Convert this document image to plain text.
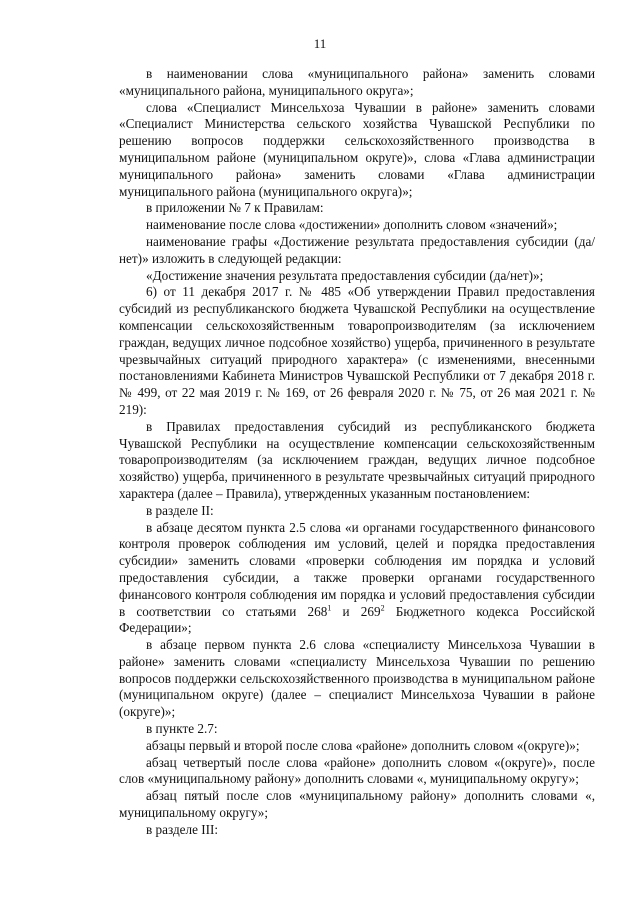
11

в наименовании слова «муниципального района» заменить словами «муниципального района, муниципального округа»;

слова «Специалист Минсельхоза Чувашии в районе» заменить словами «Специалист Министерства сельского хозяйства Чувашской Республики по решению вопросов поддержки сельскохозяйственного производства в муниципальном районе (муниципальном округе)», слова «Глава администрации муниципального района» заменить словами «Глава администрации муниципального района (муниципального округа)»;

в приложении № 7 к Правилам:

наименование после слова «достижении» дополнить словом «значений»;

наименование графы «Достижение результата предоставления субсидии (да/нет)» изложить в следующей редакции:

«Достижение значения результата предоставления субсидии (да/нет)»;

6) от 11 декабря 2017 г. № 485 «Об утверждении Правил предоставления субсидий из республиканского бюджета Чувашской Республики на осуществление компенсации сельскохозяйственным товаропроизводителям (за исключением граждан, ведущих личное подсобное хозяйство) ущерба, причиненного в результате чрезвычайных ситуаций природного характера» (с изменениями, внесенными постановлениями Кабинета Министров Чувашской Республики от 7 декабря 2018 г. № 499, от 22 мая 2019 г. № 169, от 26 февраля 2020 г. № 75, от 26 мая 2021 г. № 219):

в Правилах предоставления субсидий из республиканского бюджета Чувашской Республики на осуществление компенсации сельскохозяйственным товаропроизводителям (за исключением граждан, ведущих личное подсобное хозяйство) ущерба, причиненного в результате чрезвычайных ситуаций природного характера (далее – Правила), утвержденных указанным постановлением:

в разделе II:

в абзаце десятом пункта 2.5 слова «и органами государственного финансового контроля проверок соблюдения им условий, целей и порядка предоставления субсидии» заменить словами «проверки соблюдения им порядка и условий предоставления субсидии, а также проверки органами государственного финансового контроля соблюдения им порядка и условий предоставления субсидии в соответствии со статьями $268^1$ и $269^2$ Бюджетного кодекса Российской Федерации»;

в абзаце первом пункта 2.6 слова «специалисту Минсельхоза Чувашии в районе» заменить словами «специалисту Минсельхоза Чувашии по решению вопросов поддержки сельскохозяйственного производства в муниципальном районе (муниципальном округе) (далее – специалист Минсельхоза Чувашии в районе (округе)»;

в пункте 2.7:

абзацы первый и второй после слова «районе» дополнить словом «(округе)»;

абзац четвертый после слова «районе» дополнить словом «(округе)», после слов «муниципальному району» дополнить словами «, муниципальному округу»;

абзац пятый после слов «муниципальному району» дополнить словами «, муниципальному округу»;

в разделе III:
